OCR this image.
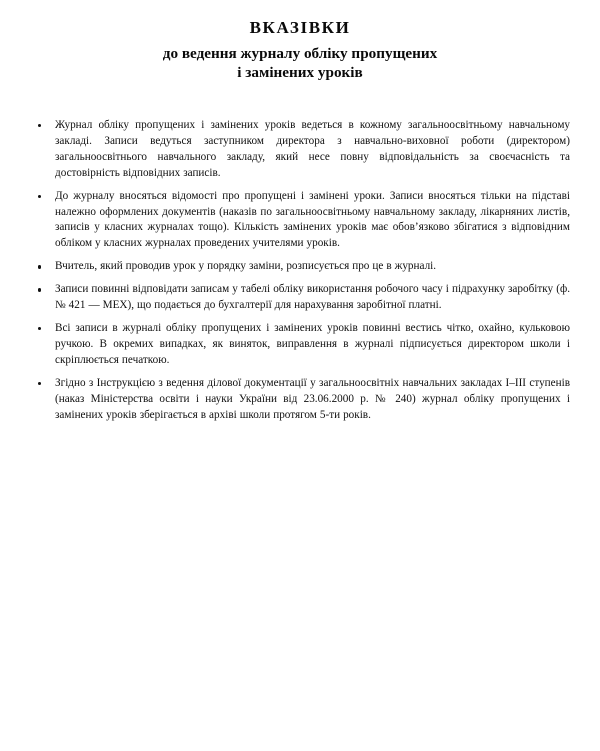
ВКАЗІВКИ
до ведення журналу обліку пропущених
і замінених уроків
Журнал обліку пропущених і замінених уроків ведеться в кожному загальноосвітньому навчальному закладі. Записи ведуться заступником директора з навчально-виховної роботи (директором) загальноосвітнього навчального закладу, який несе повну відповідальність за своєчасність та достовірність відповідних записів.
До журналу вносяться відомості про пропущені і замінені уроки. Записи вносяться тільки на підставі належно оформлених документів (наказів по загальноосвітньому навчальному закладу, лікарняних листів, записів у класних журналах тощо). Кількість замінених уроків має обов’язково збігатися з відповідним обліком у класних журналах проведених учителями уроків.
Вчитель, який проводив урок у порядку заміни, розписується про це в журналі.
Записи повинні відповідати записам у табелі обліку використання робочого часу і підрахунку заробітку (ф. № 421 — МЕХ), що подається до бухгалтерії для нарахування заробітної платні.
Всі записи в журналі обліку пропущених і замінених уроків повинні вестись чітко, охайно, кульковою ручкою. В окремих випадках, як виняток, виправлення в журналі підписується директором школи і скріплюється печаткою.
Згідно з Інструкцією з ведення ділової документації у загальноосвітніх навчальних закладах І–ІІІ ступенів (наказ Міністерства освіти і науки України від 23.06.2000 р. № 240) журнал обліку пропущених і замінених уроків зберігається в архіві школи протягом 5-ти років.
